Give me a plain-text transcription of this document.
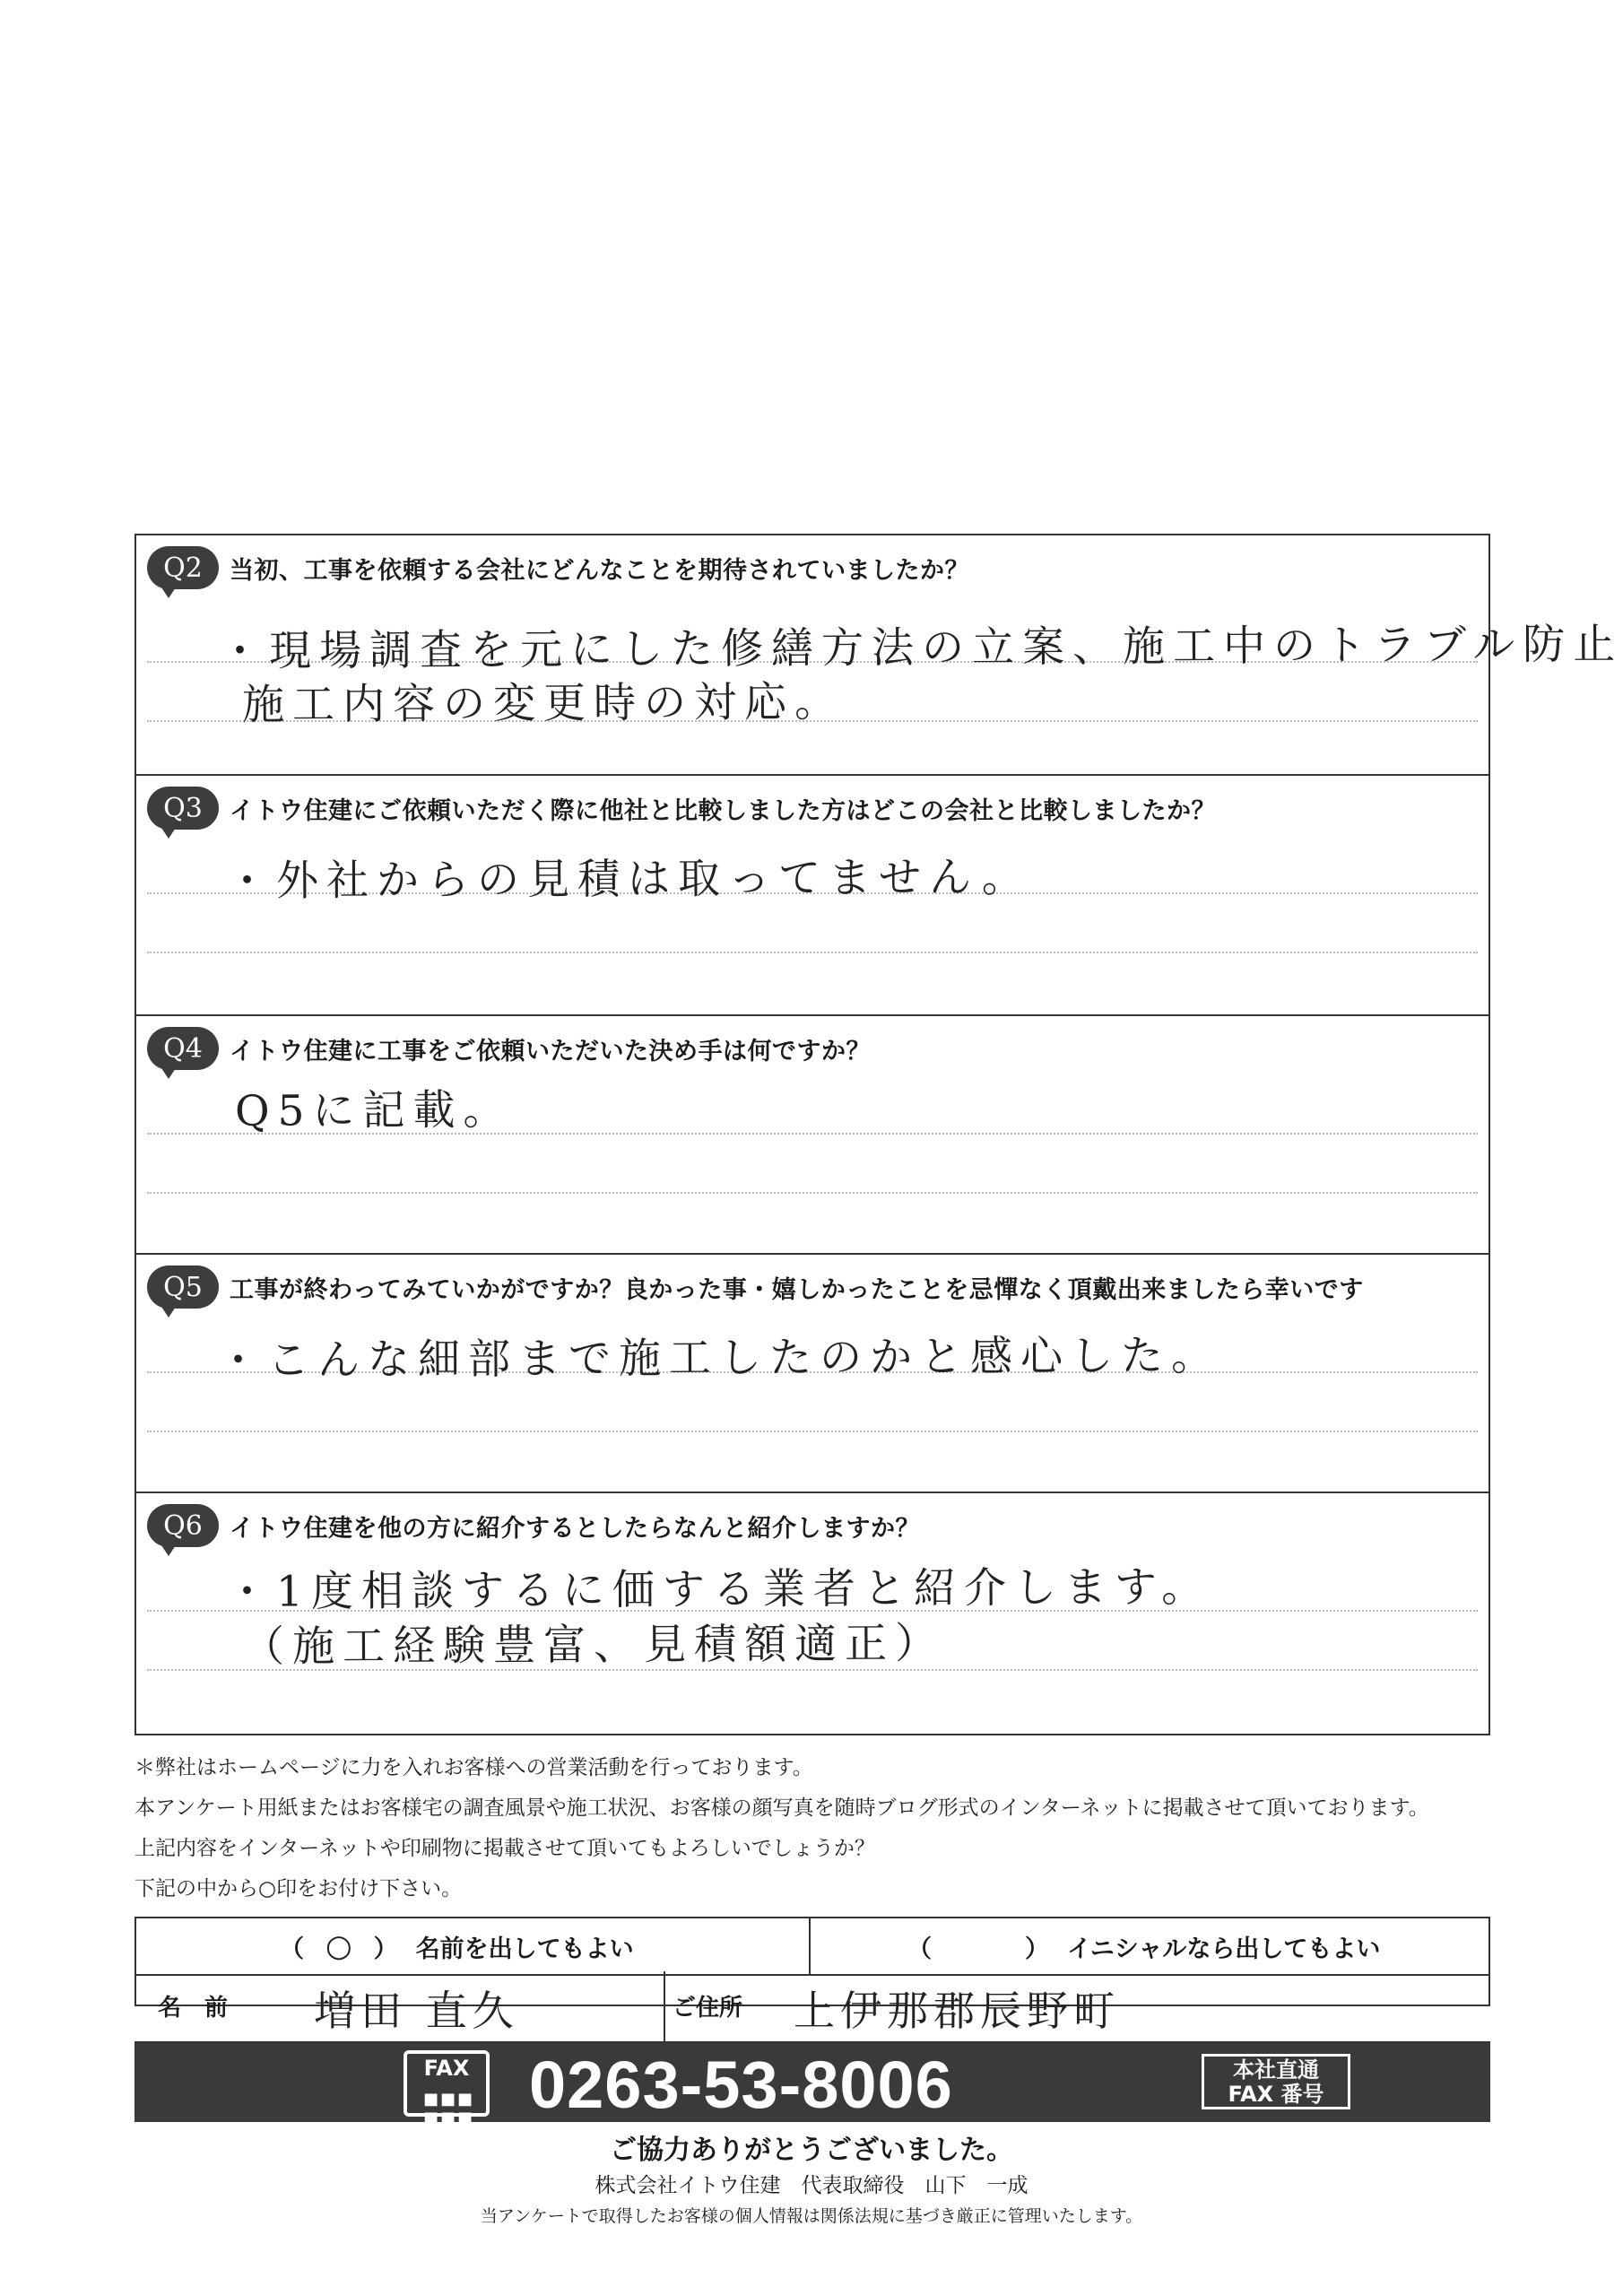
Q2	当初、工事を依頼する会社にどんなことを期待されていましたか？
・現場調査を元にした修繕方法の立案、施工中のトラブル防止
施工内容の変更時の対応。
Q3	イトウ住建にご依頼いただく際に他社と比較しました方はどこの会社と比較しましたか？
・外社からの見積は取ってません。
Q4	イトウ住建に工事をご依頼いただいた決め手は何ですか？
Q5に記載。
Q5	工事が終わってみていかがですか？良かった事・嬉しかったことを忌憚なく頂戴出来ましたら幸いです
・こんな細部まで施工したのかと感心した。
Q6	イトウ住建を他の方に紹介するとしたらなんと紹介しますか？
・1度相談するに価する業者と紹介します。
（施工経験豊富、見積額適正）
＊弊社はホームページに力を入れお客様への営業活動を行っております。
本アンケート用紙またはお客様宅の調査風景や施工状況、お客様の顔写真を随時ブログ形式のインターネットに掲載させて頂いております。
上記内容をインターネットや印刷物に掲載させて頂いてもよろしいでしょうか？
下記の中から○印をお付け下さい。
（ ○ ） 名前を出してもよい	（	） イニシャルなら出してもよい
名　前 増田 直久	ご住所 上伊那郡辰野町
FAX
■■■
■■■ 0263-53-8006	本社直通
FAX 番号
ご協力ありがとうございました。
株式会社イトウ住建　代表取締役　山下　一成
当アンケートで取得したお客様の個人情報は関係法規に基づき厳正に管理いたします。
